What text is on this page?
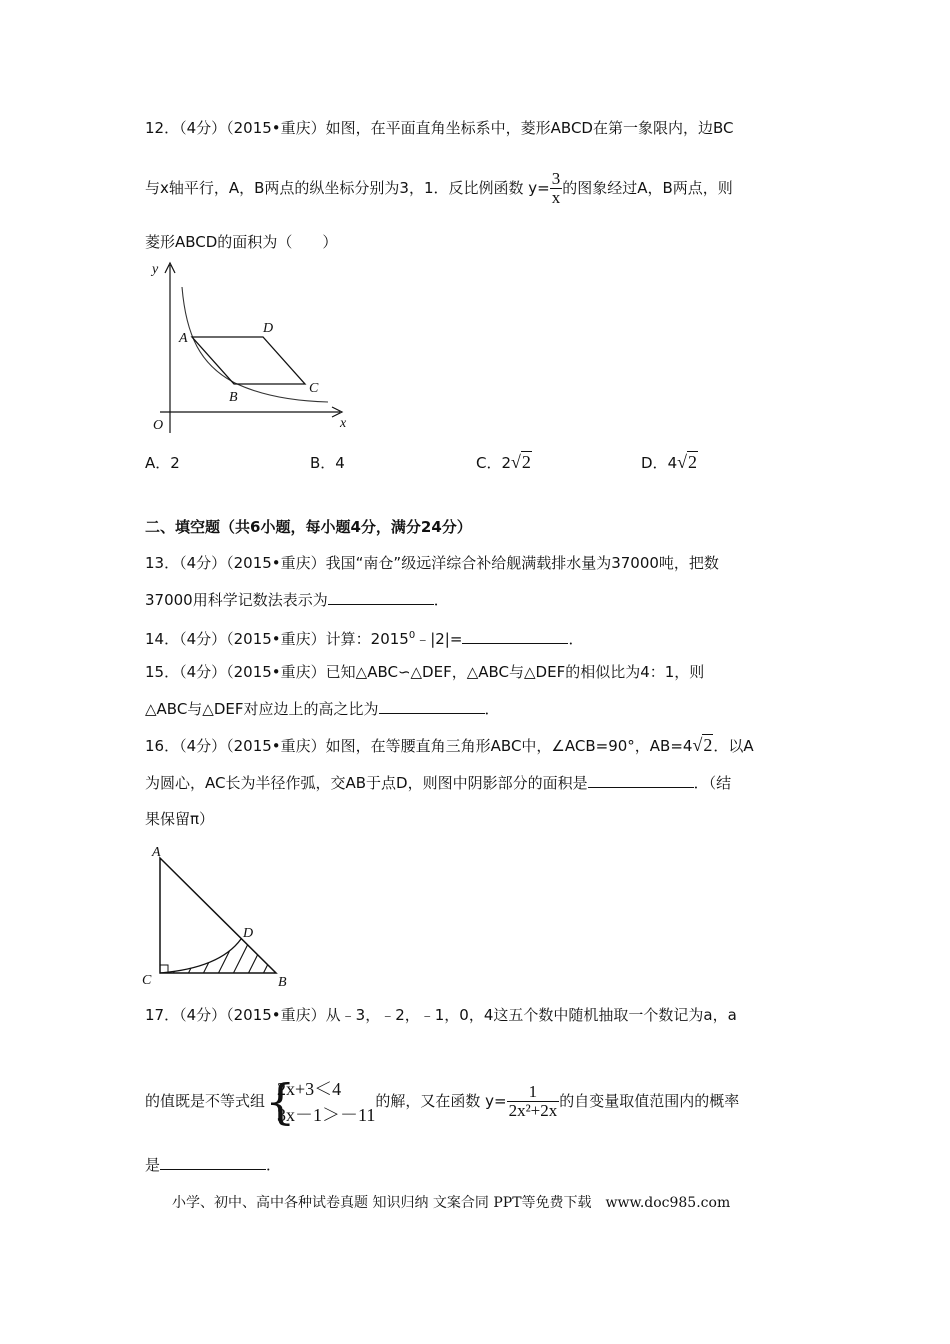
12．（4分）（2015•重庆）如图，在平面直角坐标系中，菱形ABCD在第一象限内，边BC
与x轴平行，A，B两点的纵坐标分别为3，1．反比例函数 $y= \frac{3}{x}$ 的图象经过A，B两点，则
菱形ABCD的面积为（　　）
y
x
O
A
B
C
D
A．2	B．4	C．2√2	D．4√2
二、填空题（共6小题，每小题4分，满分24分）
13．（4分）（2015•重庆）我国“南仓”级远洋综合补给舰满载排水量为37000吨，把数
37000用科学记数法表示为	．
14．（4分）（2015•重庆）计算：$2015^0﹣|2|=$	．
15．（4分）（2015•重庆）已知△ABC∽△DEF，△ABC与△DEF的相似比为4：1，则
△ABC与△DEF对应边上的高之比为	．
16．（4分）（2015•重庆）如图，在等腰直角三角形ABC中，∠ACB=90°，AB=4√2．以A
为圆心，AC长为半径作弧，交AB于点D，则图中阴影部分的面积是	．（结
果保留π）
A
C	B
D
17．（4分）（2015•重庆）从﹣3，﹣2，﹣1，0，4这五个数中随机抽取一个数记为a，a
的值既是不等式组 {
2x+3＜4
3x－1＞－11
的解，又在函数 $y= \frac{1}{\text{2x²+2x}}$ 的自变量取值范围内的概率
是	．
小学、初中、高中各种试卷真题 知识归纳 文案合同 PPT等免费下载　www.doc985.com
